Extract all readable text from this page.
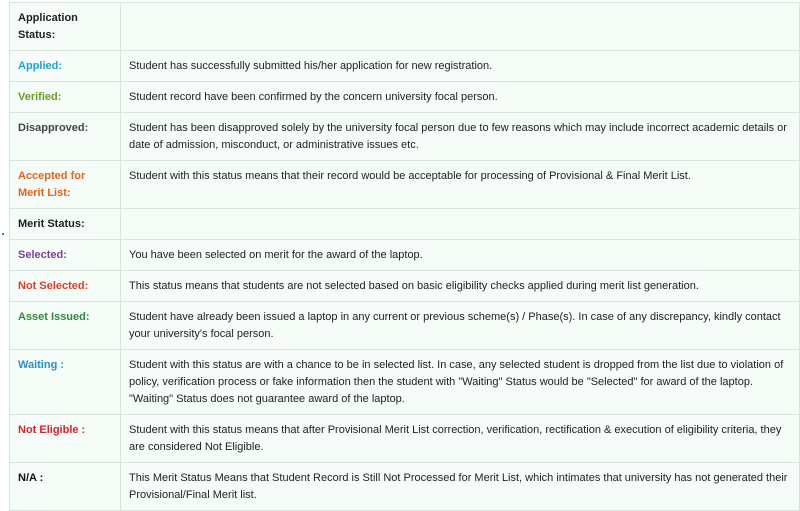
Application Status:	
Applied:	Student has successfully submitted his/her application for new registration.
Verified:	Student record have been confirmed by the concern university focal person.
Disapproved:	Student has been disapproved solely by the university focal person due to few reasons which may include incorrect academic details or date of admission, misconduct, or administrative issues etc.
Accepted for Merit List:	Student with this status means that their record would be acceptable for processing of Provisional & Final Merit List.
Merit Status:	
Selected:	You have been selected on merit for the award of the laptop.
Not Selected:	This status means that students are not selected based on basic eligibility checks applied during merit list generation.
Asset Issued:	Student have already been issued a laptop in any current or previous scheme(s) / Phase(s). In case of any discrepancy, kindly contact your university's focal person.
Waiting :	Student with this status are with a chance to be in selected list. In case, any selected student is dropped from the list due to violation of policy, verification process or fake information then the student with "Waiting" Status would be "Selected" for award of the laptop. "Waiting" Status does not guarantee award of the laptop.
Not Eligible :	Student with this status means that after Provisional Merit List correction, verification, rectification & execution of eligibility criteria, they are considered Not Eligible.
N/A :	This Merit Status Means that Student Record is Still Not Processed for Merit List, which intimates that university has not generated their Provisional/Final Merit list.
